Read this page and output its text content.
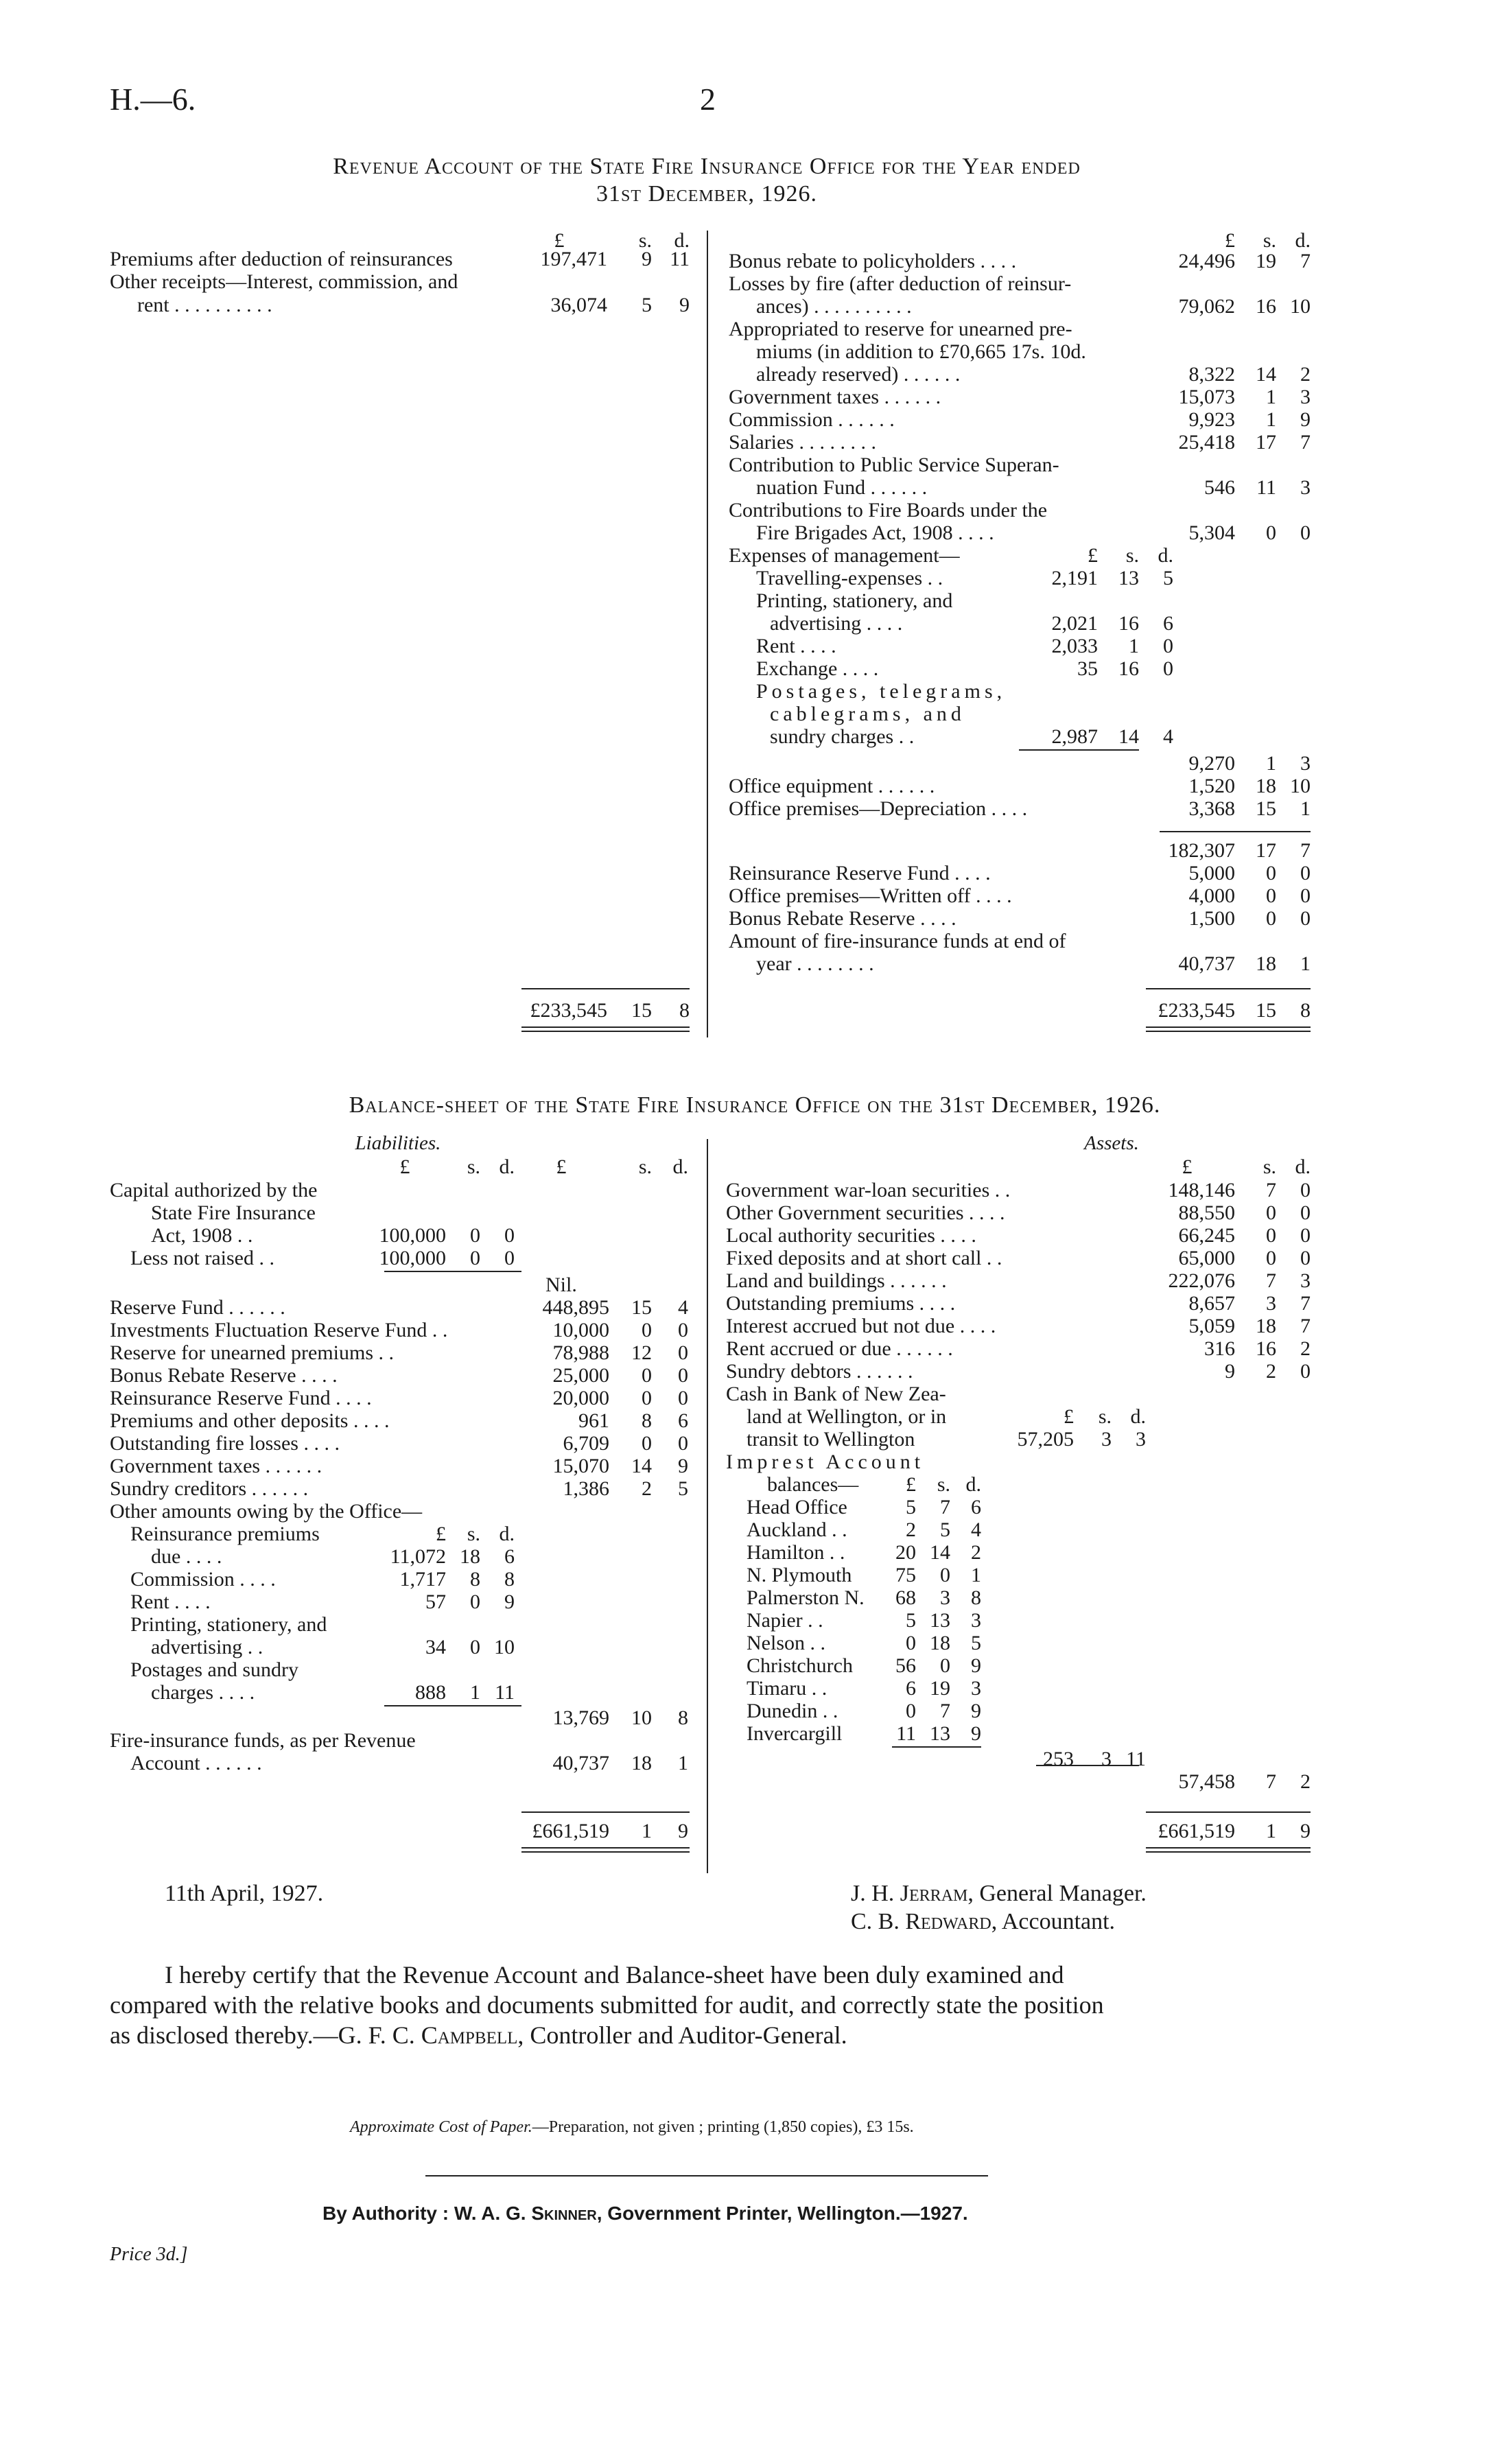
H.—6.	2
Revenue Account of the State Fire Insurance Office for the Year ended
31st December, 1926.
£	s.	d.
Premiums after deduction of reinsurances	197,471	9 11
Other receipts—Interest, commission, and
rent . . . . . . . . . .	36,074	5	9
£233,545	15	8
£	s. d.
Bonus rebate to policyholders . . . .	24,496	19	7
Losses by fire (after deduction of reinsur-
ances) . . . . . . . . . .	79,062	16 10
Appropriated to reserve for unearned pre-
miums (in addition to £70,665 17s. 10d.
already reserved) . . . . . .	8,322	14	2
Government taxes . . . . . .	15,073	1	3
Commission . . . . . .	9,923	1	9
Salaries . . . . . . . .	25,418	17	7
Contribution to Public Service Superan-
nuation Fund . . . . . .	546	11	3
Contributions to Fire Boards under the
Fire Brigades Act, 1908 . . . .	5,304	0	0
Expenses of management—	£	s. d.
Travelling-expenses . .	2,191	13	5
Printing, stationery, and
advertising . . . .	2,021	16	6
Rent . . . .	2,033	1	0
Exchange . . . .	35	16	0
Postages, telegrams,
cablegrams, and
sundry charges . .	2,987	14	4
9,270	1	3
Office equipment . . . . . .	1,520	18 10
Office premises—Depreciation . . . .	3,368	15	1
182,307	17	7
Reinsurance Reserve Fund . . . .	5,000	0	0
Office premises—Written off . . . .	4,000	0	0
Bonus Rebate Reserve . . . .	1,500	0	0
Amount of fire-insurance funds at end of
year . . . . . . . .	40,737	18	1
£233,545	15	8
Balance-sheet of the State Fire Insurance Office on the 31st December, 1926.
Liabilities.	Assets.
£	s. d.	£	s.	d.
Capital authorized by the
State Fire Insurance
Act, 1908 . .	100,000	0	0
Less not raised . .	100,000	0	0
Nil.
Reserve Fund . . . . . .	448,895	15	4
Investments Fluctuation Reserve Fund . .	10,000	0	0
Reserve for unearned premiums . .	78,988	12	0
Bonus Rebate Reserve . . . .	25,000	0	0
Reinsurance Reserve Fund . . . .	20,000	0	0
Premiums and other deposits . . . .	961	8	6
Outstanding fire losses . . . .	6,709	0	0
Government taxes . . . . . .	15,070	14	9
Sundry creditors . . . . . .	1,386	2	5
Other amounts owing by the Office—
Reinsurance premiums	£	s. d.
due . . . .	11,072 18	6
Commission . . . .	1,717	8	8
Rent . . . .	57	0	9
Printing, stationery, and
advertising . .	34	0 10
Postages and sundry
charges . . . .	888	1 11
13,769	10	8
Fire-insurance funds, as per Revenue
Account . . . . . .	40,737	18	1
£661,519	1	9
£	s. d.
Government war-loan securities . .	148,146	7	0
Other Government securities . . . .	88,550	0	0
Local authority securities . . . .	66,245	0	0
Fixed deposits and at short call . .	65,000	0	0
Land and buildings . . . . . .	222,076	7	3
Outstanding premiums . . . .	8,657	3	7
Interest accrued but not due . . . .	5,059	18	7
Rent accrued or due . . . . . .	316	16	2
Sundry debtors . . . . . .	9	2	0
Cash in Bank of New Zea-
land at Wellington, or in	£	s. d.
transit to Wellington	57,205	3	3
Imprest Account
balances—	£	s. d.
Head Office	5	7	6
Auckland . .	2	5	4
Hamilton . .	20 14	2
N. Plymouth	75	0	1
Palmerston N.	68	3	8
Napier . .	5 13	3
Nelson . .	0 18	5
Christchurch	56	0	9
Timaru . .	6 19	3
Dunedin . .	0	7	9
Invercargill	11 13	9
253	3 11
57,458	7	2
£661,519	1	9
11th April, 1927.	J. H. Jerram, General Manager.
C. B. Redward, Accountant.
I hereby certify that the Revenue Account and Balance-sheet have been duly examined and
compared with the relative books and documents submitted for audit, and correctly state the position
as disclosed thereby.—G. F. C. Campbell, Controller and Auditor-General.
Approximate Cost of Paper.—Preparation, not given ; printing (1,850 copies), £3 15s.
By Authority : W. A. G. Skinner, Government Printer, Wellington.—1927.
Price 3d.]
